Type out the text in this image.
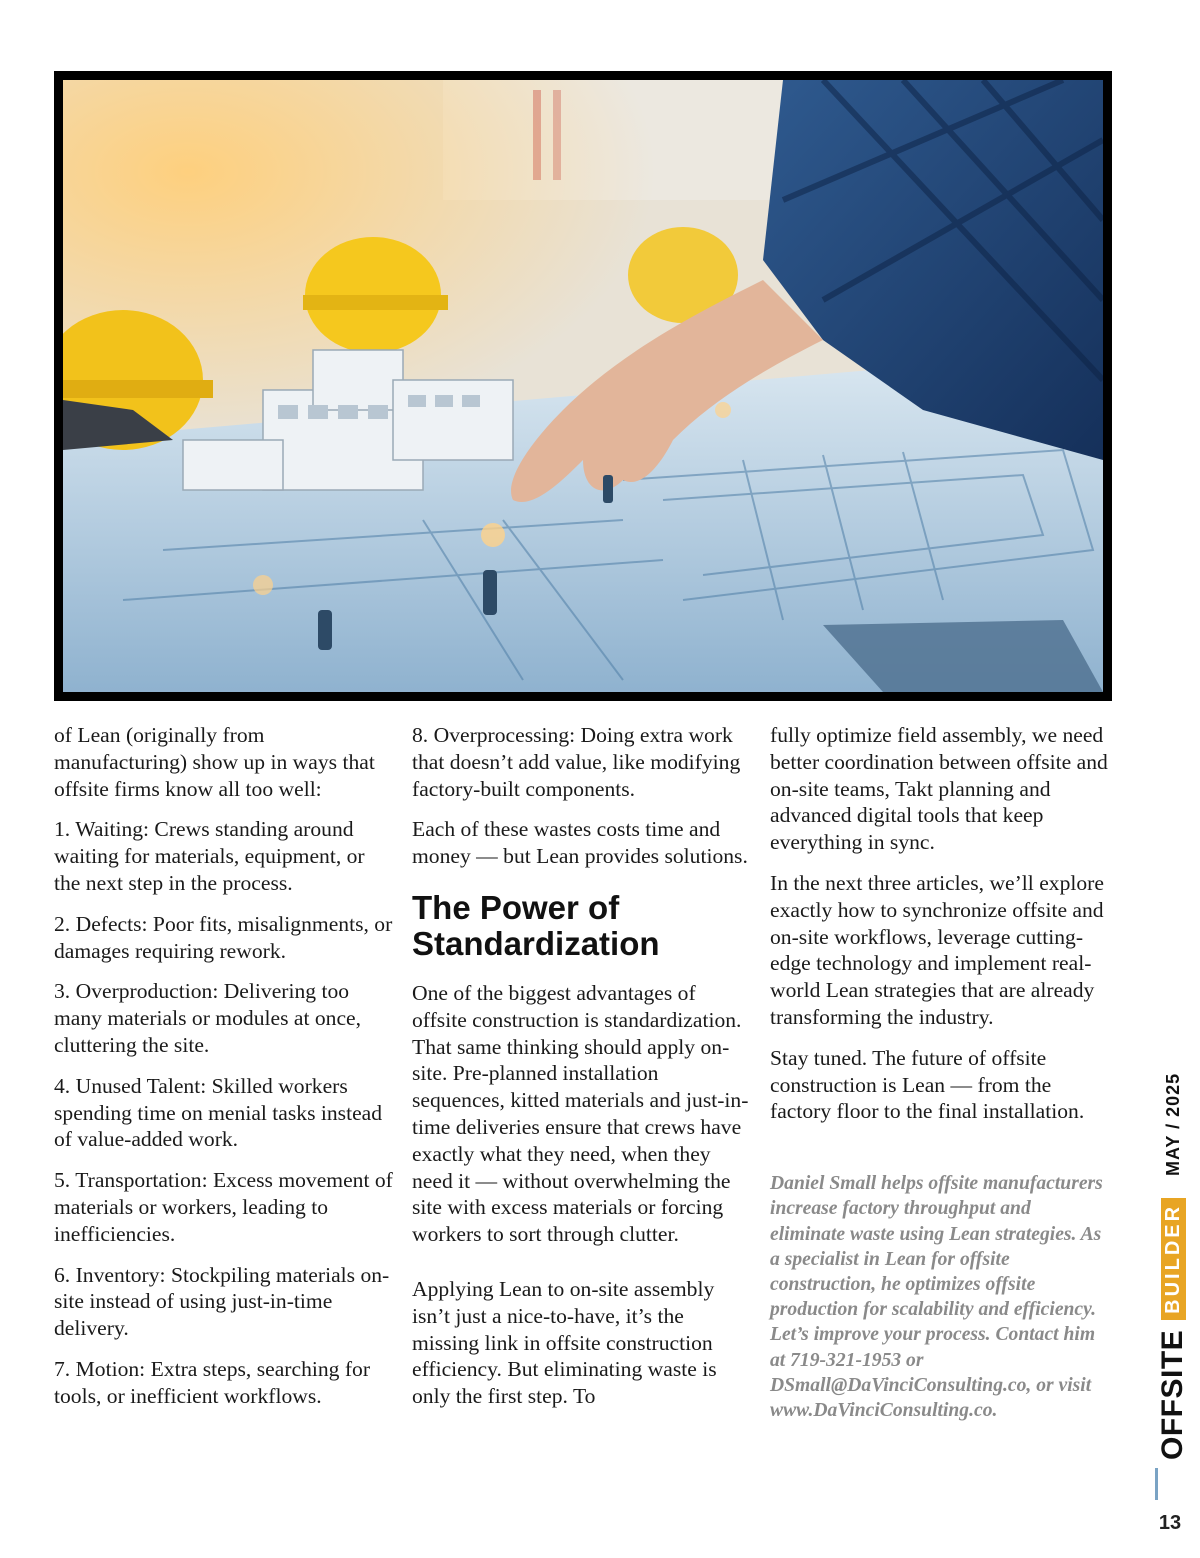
of Lean (originally from manufacturing) show up in ways that offsite firms know all too well:

1. Waiting: Crews standing around waiting for materials, equipment, or the next step in the process.

2. Defects: Poor fits, misalignments, or damages requiring rework.

3. Overproduction: Delivering too many materials or modules at once, cluttering the site.

4. Unused Talent: Skilled workers spending time on menial tasks instead of value-added work.

5. Transportation: Excess movement of materials or workers, leading to inefficiencies.

6. Inventory: Stockpiling materials on-site instead of using just-in-time delivery.

7. Motion: Extra steps, searching for tools, or inefficient workflows.

8. Overprocessing: Doing extra work that doesn’t add value, like modifying factory-built components.

Each of these wastes costs time and money — but Lean provides solutions.

The Power of Standardization

One of the biggest advantages of offsite construction is standardization. That same thinking should apply on-site. Pre-planned installation sequences, kitted materials and just-in-time deliveries ensure that crews have exactly what they need, when they need it — without overwhelming the site with excess materials or forcing workers to sort through clutter.

Applying Lean to on-site assembly isn’t just a nice-to-have, it’s the missing link in offsite construction efficiency. But eliminating waste is only the first step. To

fully optimize field assembly, we need better coordination between offsite and on-site teams, Takt planning and advanced digital tools that keep everything in sync.

In the next three articles, we’ll explore exactly how to synchronize offsite and on-site workflows, leverage cutting-edge technology and implement real-world Lean strategies that are already transforming the industry.

Stay tuned. The future of offsite construction is Lean — from the factory floor to the final installation.

Daniel Small helps offsite manufacturers increase factory throughput and eliminate waste using Lean strategies. As a specialist in Lean for offsite construction, he optimizes offsite production for scalability and efficiency. Let’s improve your process. Contact him at 719-321-1953 or DSmall@DaVinciConsulting.co, or visit www.DaVinciConsulting.co.	OFFSITE
BUILDER
MAY / 2025
13
